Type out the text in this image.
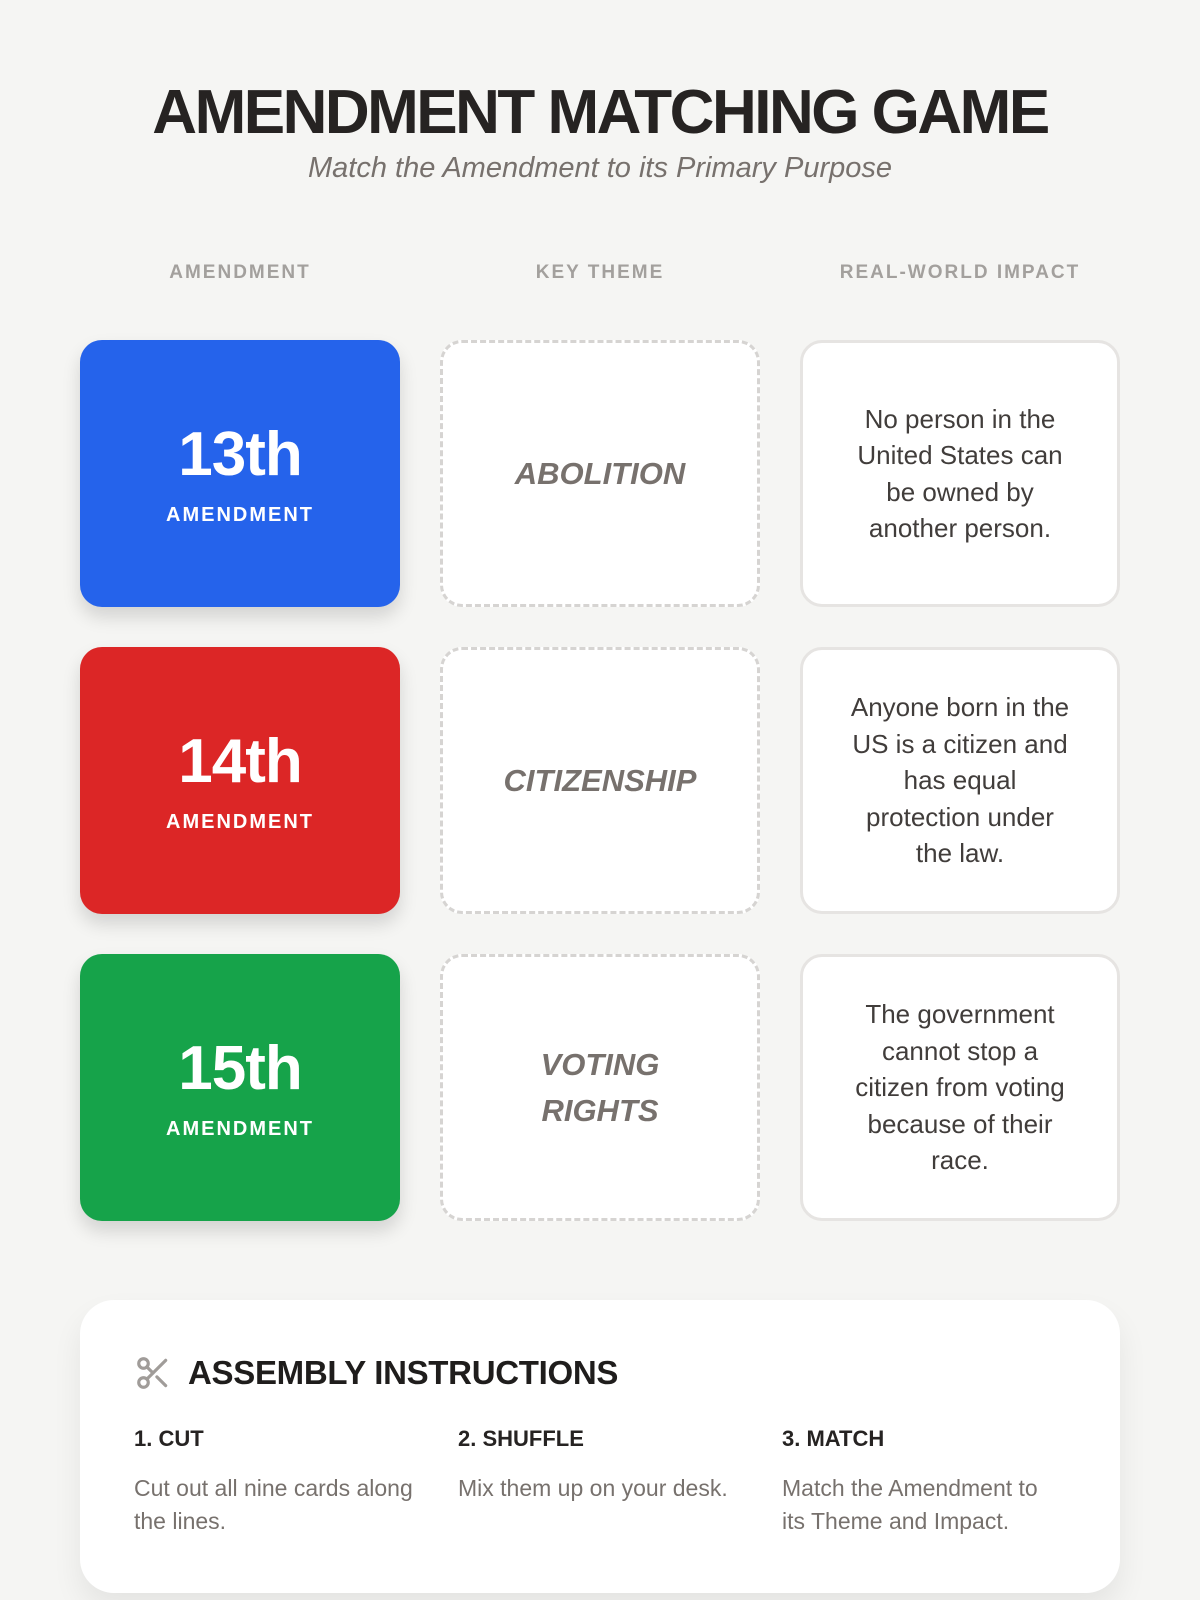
AMENDMENT MATCHING GAME
Match the Amendment to its Primary Purpose
AMENDMENT	KEY THEME	REAL-WORLD IMPACT
13th
AMENDMENT
ABOLITION
No person in the United States can be owned by another person.
14th
AMENDMENT
CITIZENSHIP
Anyone born in the US is a citizen and has equal protection under the law.
15th
AMENDMENT
VOTING RIGHTS
The government cannot stop a citizen from voting because of their race.
ASSEMBLY INSTRUCTIONS
1. CUT
Cut out all nine cards along the lines.
2. SHUFFLE
Mix them up on your desk.
3. MATCH
Match the Amendment to its Theme and Impact.
